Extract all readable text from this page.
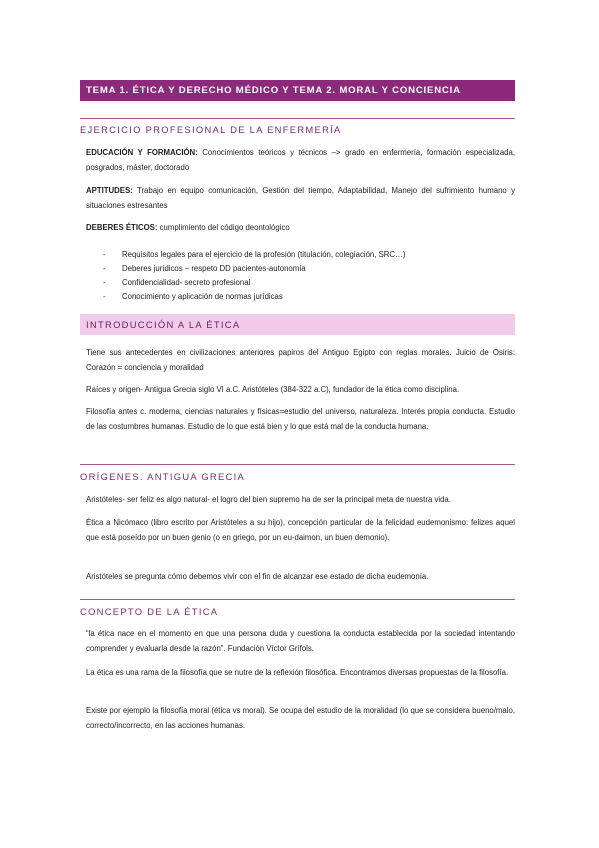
TEMA 1. ÉTICA Y DERECHO MÉDICO Y TEMA 2. MORAL Y CONCIENCIA
EJERCICIO PROFESIONAL DE LA ENFERMERÍA
EDUCACIÓN Y FORMACIÓN: Conocimientos teóricos y técnicos –> grado en enfermería, formación especializada, posgrados, máster, doctorado
APTITUDES: Trabajo en equipo comunicación, Gestión del tiempo, Adaptabilidad, Manejo del sufrimiento humano y situaciones estresantes
DEBERES ÉTICOS: cumplimiento del código deontológico
- Requisitos legales para el ejercicio de la profesión (titulación, colegiación, SRC…)
- Deberes jurídicos – respeto DD pacientes-autonomía
- Confidencialidad- secreto profesional
- Conocimiento y aplicación de normas jurídicas
INTRODUCCIÓN A LA ÉTICA
Tiene sus antecedentes en civilizaciones anteriores papiros del Antiguo Egipto con reglas morales. Juicio de Osiris: Corazón = conciencia y moralidad
Raíces y origen- Antigua Grecia siglo VI a.C. Aristóteles (384-322 a.C), fundador de la ética como disciplina.
Filosofía antes c. moderna, ciencias naturales y físicas=estudio del universo, naturaleza. Interés propia conducta. Estudio de las costumbres humanas. Estudio de lo que está bien y lo que está mal de la conducta humana.
ORÍGENES. ANTIGUA GRECIA
Aristóteles- ser feliz es algo natural- el logro del bien supremo ha de ser la principal meta de nuestra vida.
Ética a Nicómaco (libro escrito por Aristóteles a su hijo), concepción particular de la felicidad eudemonismo: felizes aquel que está poseído por un buen genio (o en griego, por un eu-daimon, un buen demonio).
Aristóteles se pregunta cómo debemos vivir con el fin de alcanzar ese estado de dicha eudemonía.
CONCEPTO DE LA ÉTICA
“la ética nace en el momento en que una persona duda y cuestiona la conducta establecida por la sociedad intentando comprender y evaluarla desde la razón”. Fundación Víctor Grífols.
La ética es una rama de la filosofía que se nutre de la reflexión filosófica. Encontramos diversas propuestas de la filosofía.
Existe por ejemplo la filosofía moral (ética vs moral). Se ocupa del estudio de la moralidad (lo que se considera bueno/malo, correcto/incorrecto, en las acciones humanas.
